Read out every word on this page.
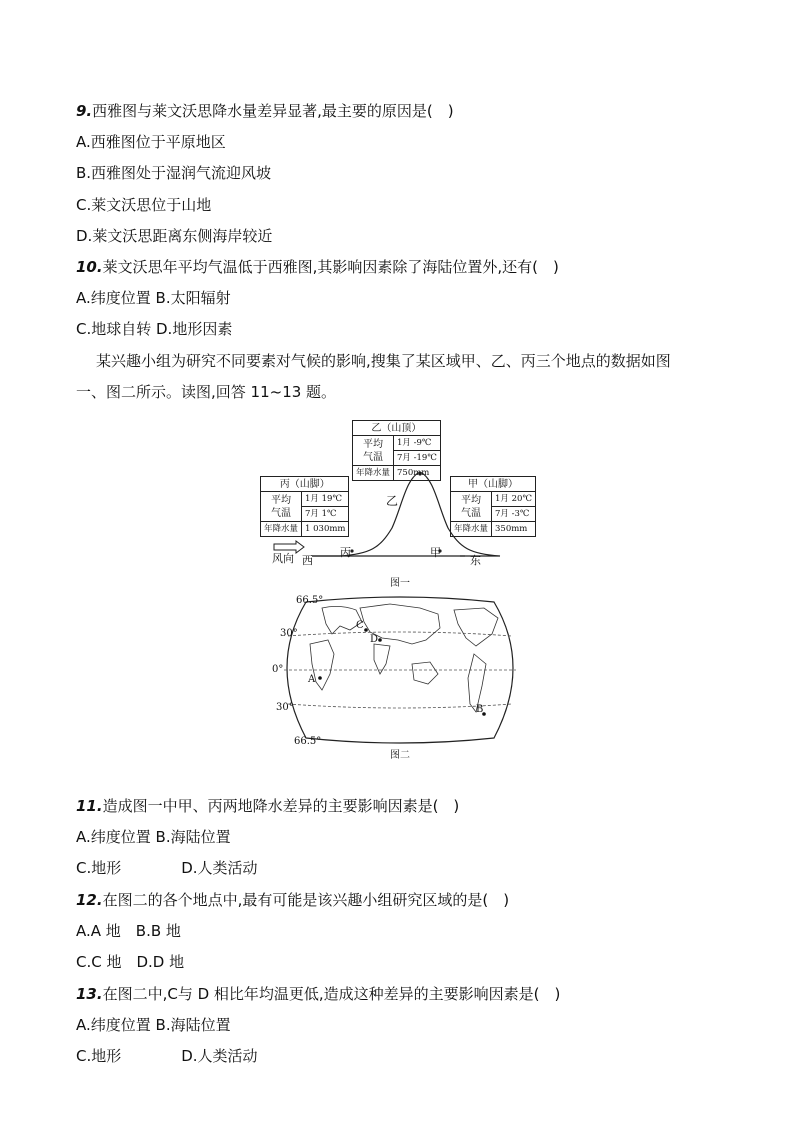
9.西雅图与莱文沃思降水量差异显著,最主要的原因是(　)
A.西雅图位于平原地区
B.西雅图处于湿润气流迎风坡
C.莱文沃思位于山地
D.莱文沃思距离东侧海岸较近
10.莱文沃思年平均气温低于西雅图,其影响因素除了海陆位置外,还有(　)
A.纬度位置 B.太阳辐射
C.地球自转 D.地形因素
某兴趣小组为研究不同要素对气候的影响,搜集了某区域甲、乙、丙三个地点的数据如图
一、图二所示。读图,回答 11~13 题。
乙
风向 西
丙	甲
东
乙（山顶）	
平均
气温	1月 -9℃
	7月 -19℃
年降水量	750mm
丙（山脚）	
平均
气温	1月 19℃
	7月 1℃
年降水量	1 030mm
甲（山脚）	
平均
气温	1月 20℃
	7月 -3℃
年降水量	350mm
图一
66.5°
30°
0°
30°
66.5°
C
D
A
B
图二
11.造成图一中甲、丙两地降水差异的主要影响因素是(　)
A.纬度位置 B.海陆位置
C.地形　　　　D.人类活动
12.在图二的各个地点中,最有可能是该兴趣小组研究区域的是(　)
A.A 地　B.B 地
C.C 地　D.D 地
13.在图二中,C与 D 相比年均温更低,造成这种差异的主要影响因素是(　)
A.纬度位置 B.海陆位置
C.地形　　　　D.人类活动
